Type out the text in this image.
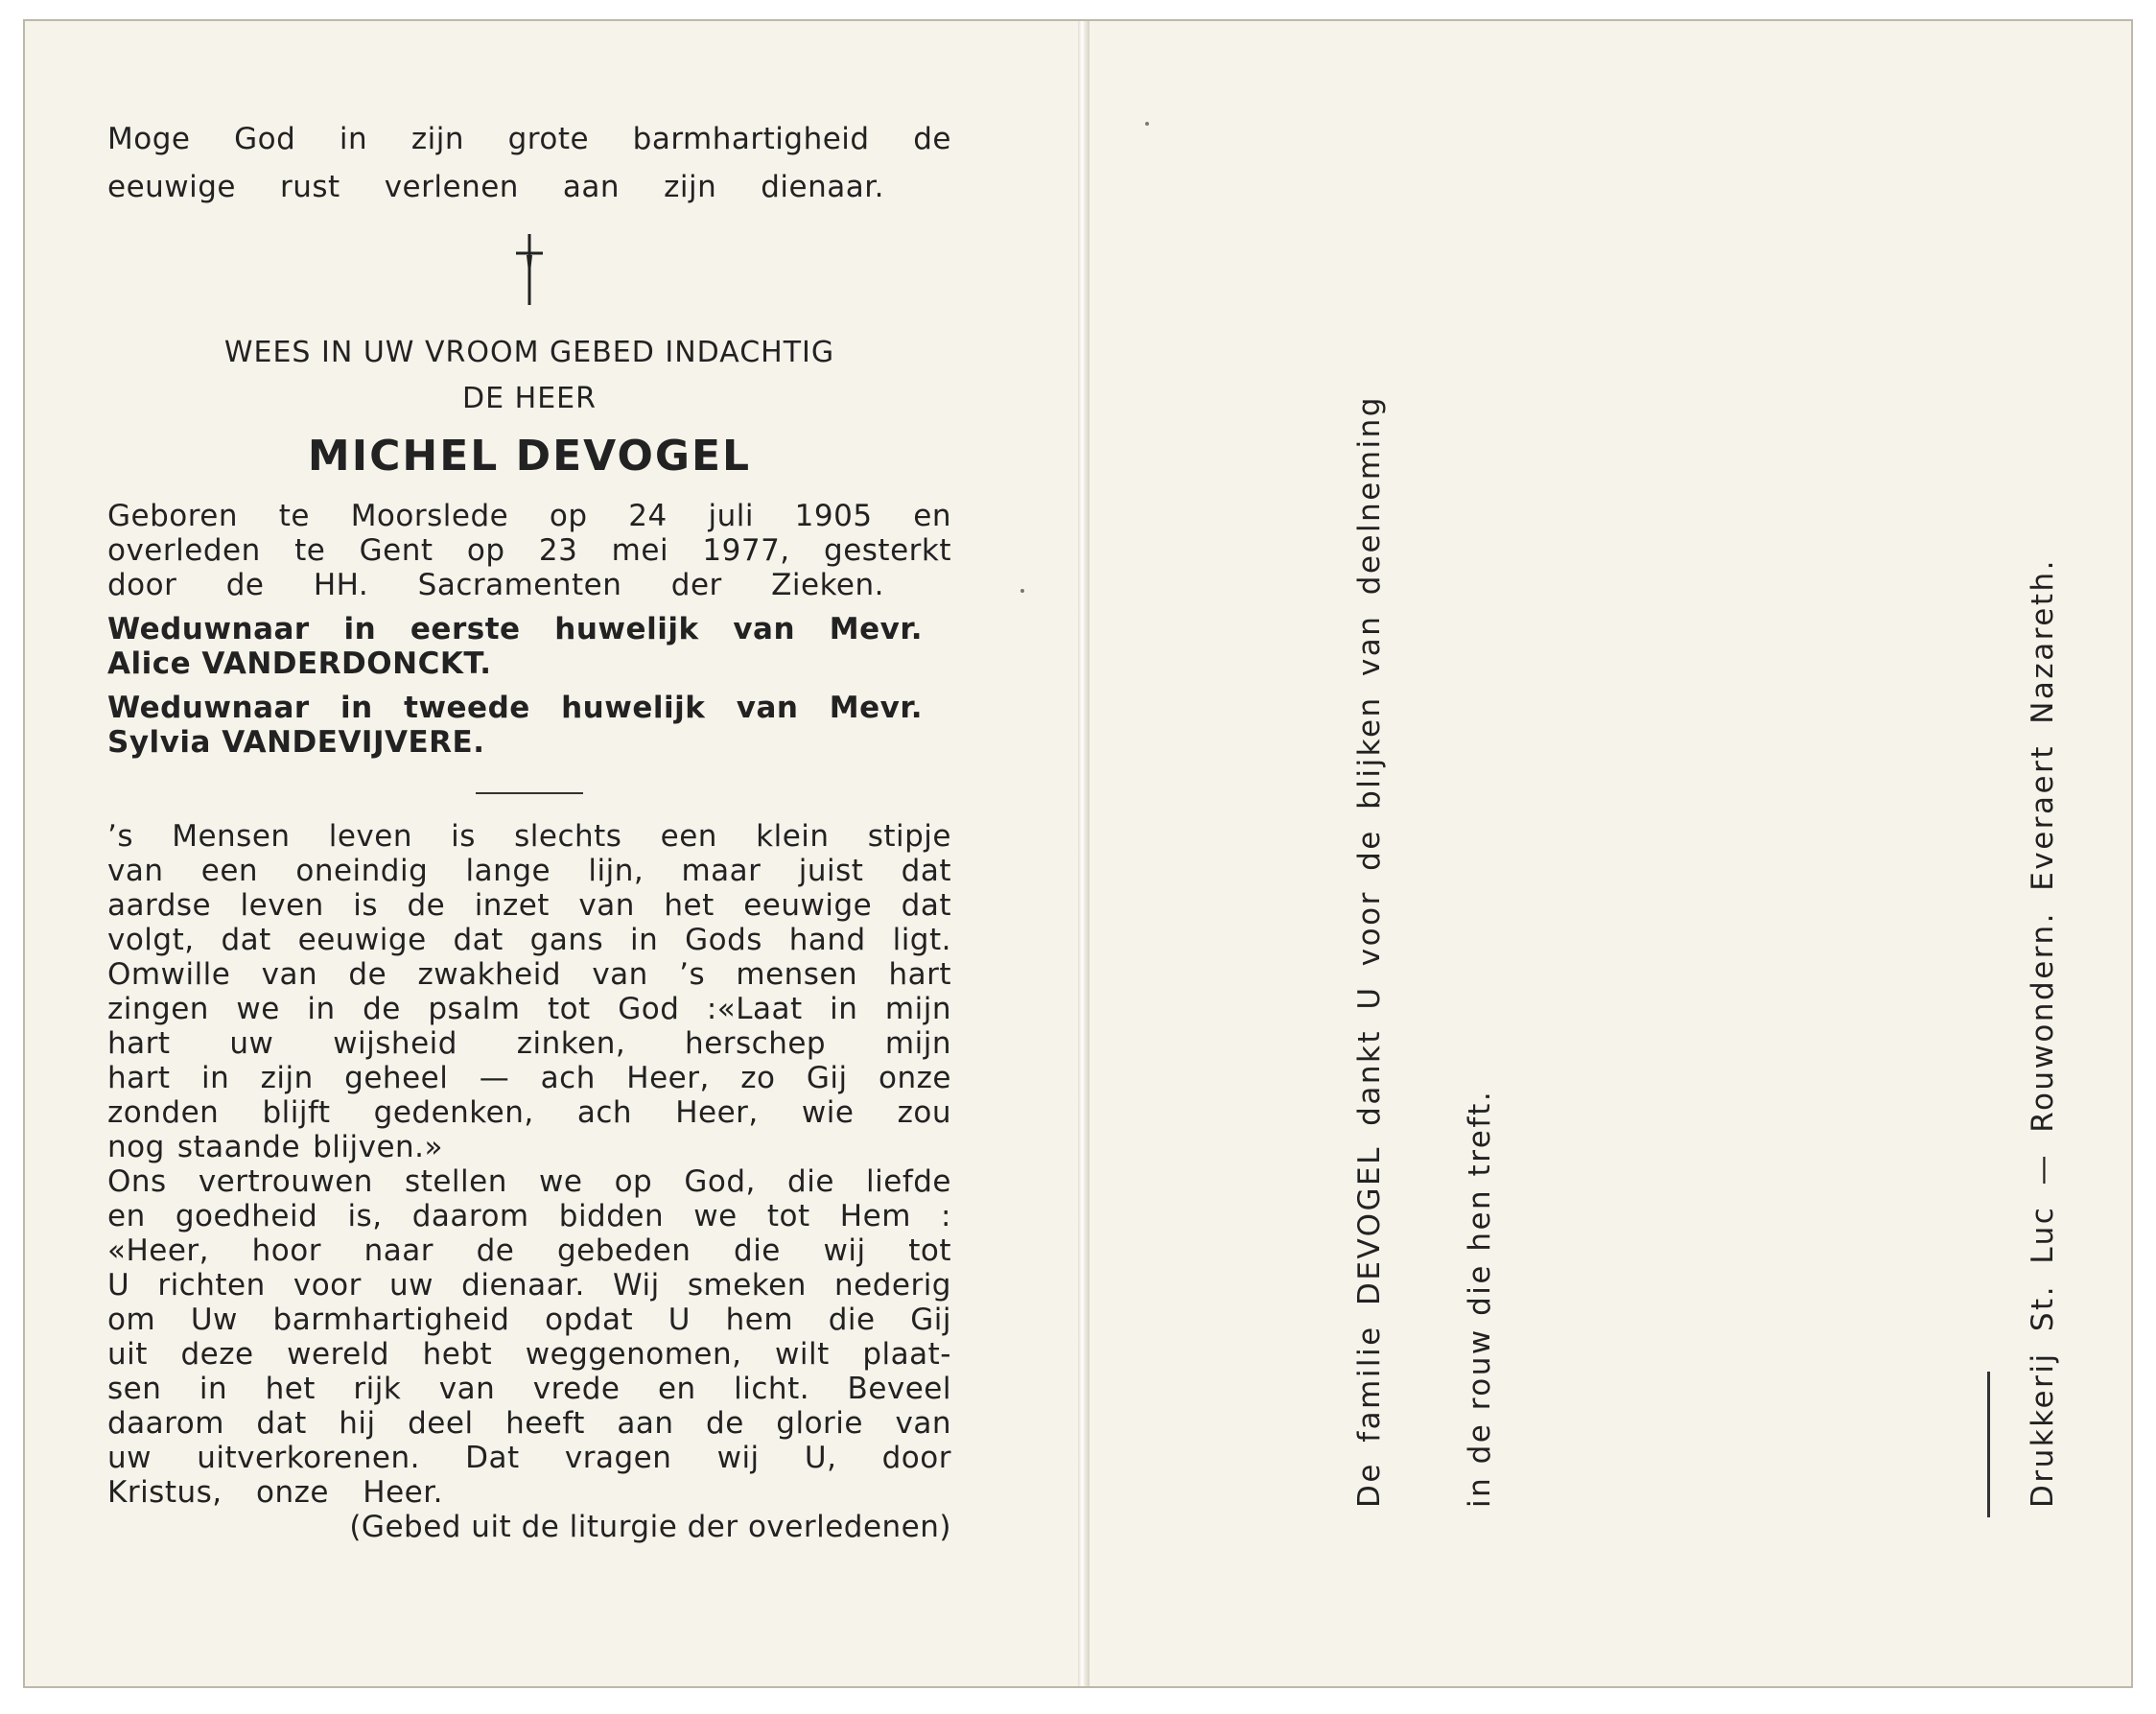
Moge God in zijn grote barmhartigheid de

eeuwige rust verlenen aan zijn dienaar.

WEES IN UW VROOM GEBED INDACHTIG

DE HEER

MICHEL DEVOGEL

Geboren te Moorslede op 24 juli 1905 en

overleden te Gent op 23 mei 1977, gesterkt

door de HH. Sacramenten der Zieken.

Weduwnaar in eerste huwelijk van Mevr.

Alice VANDERDONCKT.

Weduwnaar in tweede huwelijk van Mevr.

Sylvia VANDEVIJVERE.

’s Mensen leven is slechts een klein stipje

van een oneindig lange lijn, maar juist dat

aardse leven is de inzet van het eeuwige dat

volgt, dat eeuwige dat gans in Gods hand ligt.

Omwille van de zwakheid van ’s mensen hart

zingen we in de psalm tot God :«Laat in mijn

hart uw wijsheid zinken, herschep mijn

hart in zijn geheel — ach Heer, zo Gij onze

zonden blijft gedenken, ach Heer, wie zou

nog staande blijven.»

Ons vertrouwen stellen we op God, die liefde

en goedheid is, daarom bidden we tot Hem :

«Heer, hoor naar de gebeden die wij tot

U richten voor uw dienaar. Wij smeken nederig

om Uw barmhartigheid opdat U hem die Gij

uit deze wereld hebt weggenomen, wilt plaat-

sen in het rijk van vrede en licht. Beveel

daarom dat hij deel heeft aan de glorie van

uw uitverkorenen. Dat vragen wij U, door

Kristus, onze Heer.

(Gebed uit de liturgie der overledenen)

De familie DEVOGEL dankt U voor de blijken van deelneming	in de rouw die hen treft.	Drukkerij St. Luc — Rouwondern. Everaert Nazareth.
